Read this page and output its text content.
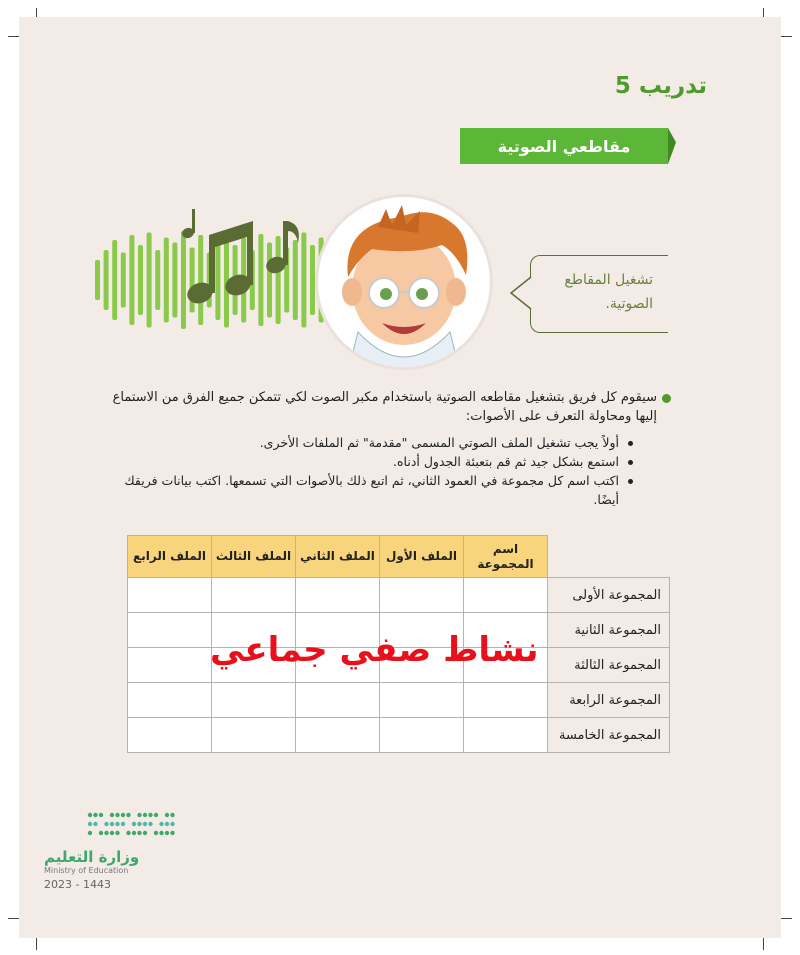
تدريب 5
مقاطعي الصوتية
تشغيل المقاطع الصوتية.

سيقوم كل فريق بتشغيل مقاطعه الصوتية باستخدام مكبر الصوت لكي تتمكن جميع الفرق من الاستماع إليها ومحاولة التعرف على الأصوات:

أولاً يجب تشغيل الملف الصوتي المسمى "مقدمة" ثم الملفات الأخرى.
استمع بشكل جيد ثم قم بتعبئة الجدول أدناه.
اكتب اسم كل مجموعة في العمود الثاني، ثم اتبع ذلك بالأصوات التي تسمعها. اكتب بيانات فريقك أيضًا.
	اسم المجموعة	الملف الأول	الملف الثاني	الملف الثالث	الملف الرابع
المجموعة الأولى					
المجموعة الثانية					
المجموعة الثالثة					
المجموعة الرابعة					
المجموعة الخامسة					
نشاط صفي جماعي
وزارة التعليم
Ministry of Education
2023 - 1443
